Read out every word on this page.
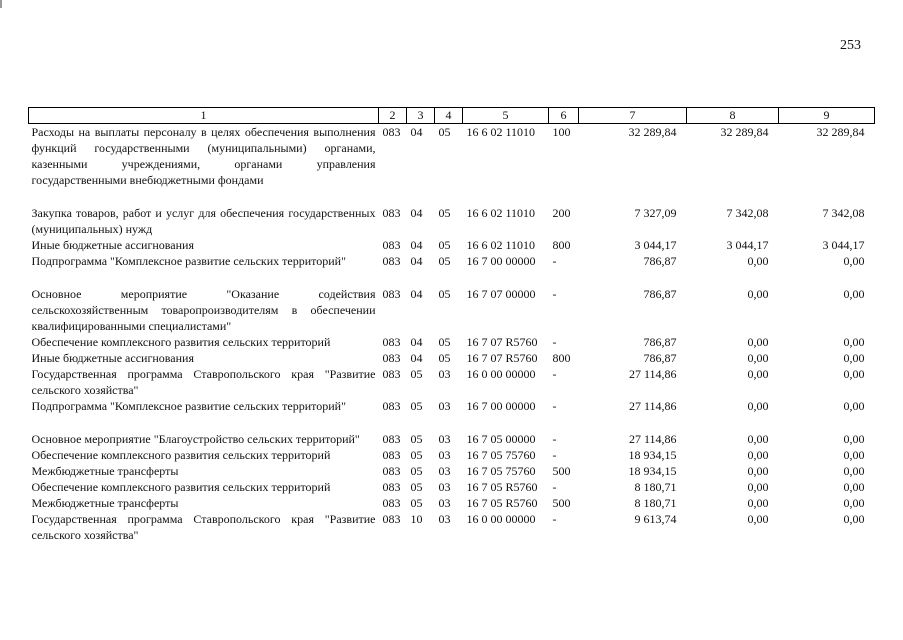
253
1	2	3	4	5	6	7	8	9
Расходы на выплаты персоналу в целях обеспечения выполнения функций государственными (муниципальными) органами, казенными учреждениями, органами управления государственными внебюджетными фондами	083	04	05	16 6 02 11010	100	32 289,84	32 289,84	32 289,84

Закупка товаров, работ и услуг для обеспечения государственных (муниципальных) нужд	083	04	05	16 6 02 11010	200	7 327,09	7 342,08	7 342,08
Иные бюджетные ассигнования	083	04	05	16 6 02 11010	800	3 044,17	3 044,17	3 044,17
Подпрограмма "Комплексное развитие сельских территорий"	083	04	05	16 7 00 00000	-	786,87	0,00	0,00

Основное мероприятие "Оказание содействия сельскохозяйственным товаропроизводителям в обеспечении квалифицированными специалистами"	083	04	05	16 7 07 00000	-	786,87	0,00	0,00
Обеспечение комплексного развития сельских территорий	083	04	05	16 7 07 R5760	-	786,87	0,00	0,00
Иные бюджетные ассигнования	083	04	05	16 7 07 R5760	800	786,87	0,00	0,00
Государственная программа Ставропольского края "Развитие сельского хозяйства"	083	05	03	16 0 00 00000	-	27 114,86	0,00	0,00
Подпрограмма "Комплексное развитие сельских территорий"	083	05	03	16 7 00 00000	-	27 114,86	0,00	0,00

Основное мероприятие "Благоустройство сельских территорий"	083	05	03	16 7 05 00000	-	27 114,86	0,00	0,00
Обеспечение комплексного развития сельских территорий	083	05	03	16 7 05 75760	-	18 934,15	0,00	0,00
Межбюджетные трансферты	083	05	03	16 7 05 75760	500	18 934,15	0,00	0,00
Обеспечение комплексного развития сельских территорий	083	05	03	16 7 05 R5760	-	8 180,71	0,00	0,00
Межбюджетные трансферты	083	05	03	16 7 05 R5760	500	8 180,71	0,00	0,00
Государственная программа Ставропольского края "Развитие сельского хозяйства"	083	10	03	16 0 00 00000	-	9 613,74	0,00	0,00
